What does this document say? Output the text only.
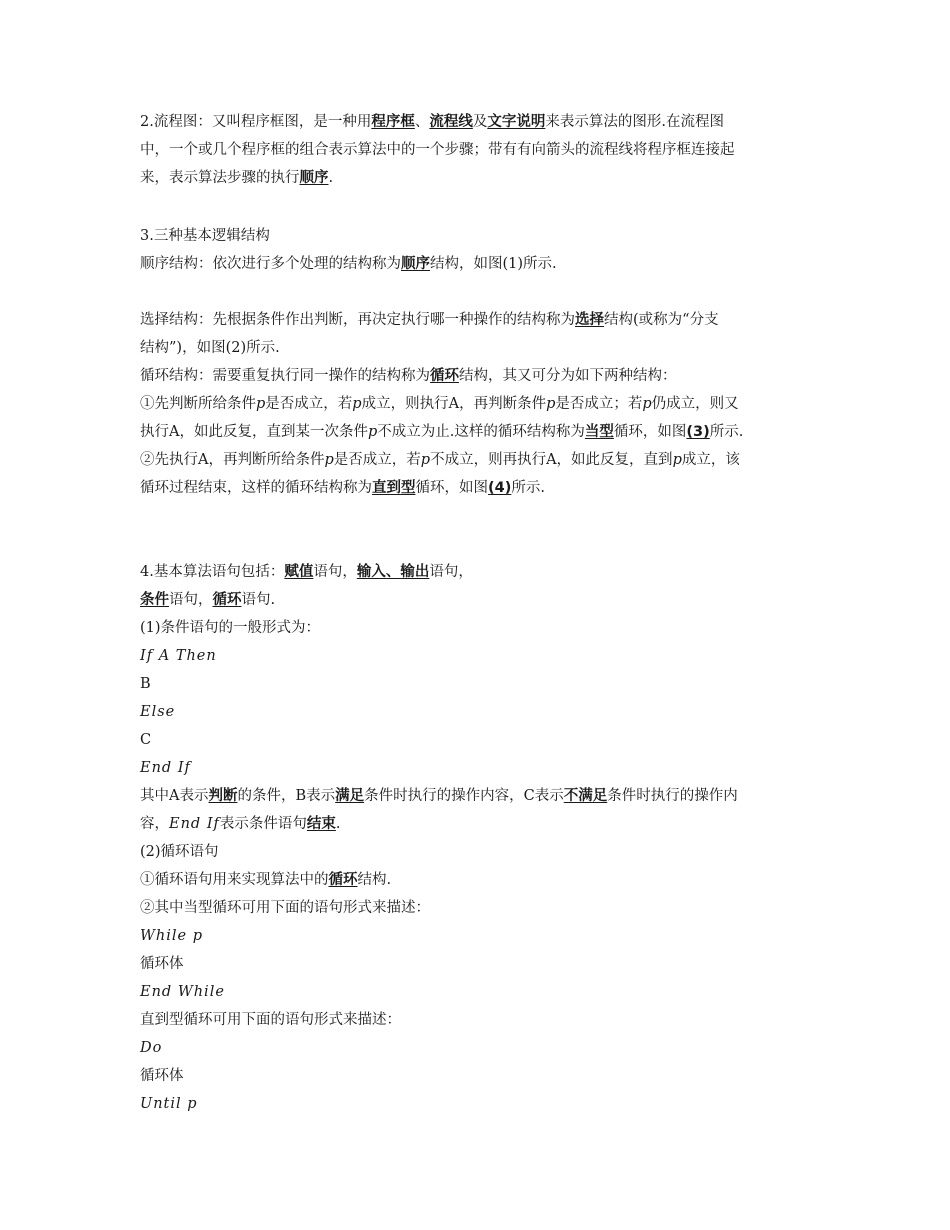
2.流程图：又叫程序框图，是一种用程序框、流程线及文字说明来表示算法的图形.在流程图
中，一个或几个程序框的组合表示算法中的一个步骤；带有有向箭头的流程线将程序框连接起
来，表示算法步骤的执行顺序.
3.三种基本逻辑结构
顺序结构：依次进行多个处理的结构称为顺序结构，如图(1)所示.
选择结构：先根据条件作出判断，再决定执行哪一种操作的结构称为选择结构(或称为“分支
结构”)，如图(2)所示.
循环结构：需要重复执行同一操作的结构称为循环结构，其又可分为如下两种结构：
①先判断所给条件p是否成立，若p成立，则执行A，再判断条件p是否成立；若p仍成立，则又
执行A，如此反复，直到某一次条件p不成立为止.这样的循环结构称为当型循环，如图(3)所示.
②先执行A，再判断所给条件p是否成立，若p不成立，则再执行A，如此反复，直到p成立，该
循环过程结束，这样的循环结构称为直到型循环，如图(4)所示.
4.基本算法语句包括：赋值语句，输入、输出语句，
条件语句，循环语句.
(1)条件语句的一般形式为：
If A Then
B
Else
C
End If
其中A表示判断的条件，B表示满足条件时执行的操作内容，C表示不满足条件时执行的操作内
容，End If表示条件语句结束.
(2)循环语句
①循环语句用来实现算法中的循环结构.
②其中当型循环可用下面的语句形式来描述：
While p
循环体
End While
直到型循环可用下面的语句形式来描述：
Do
循环体
Until p
